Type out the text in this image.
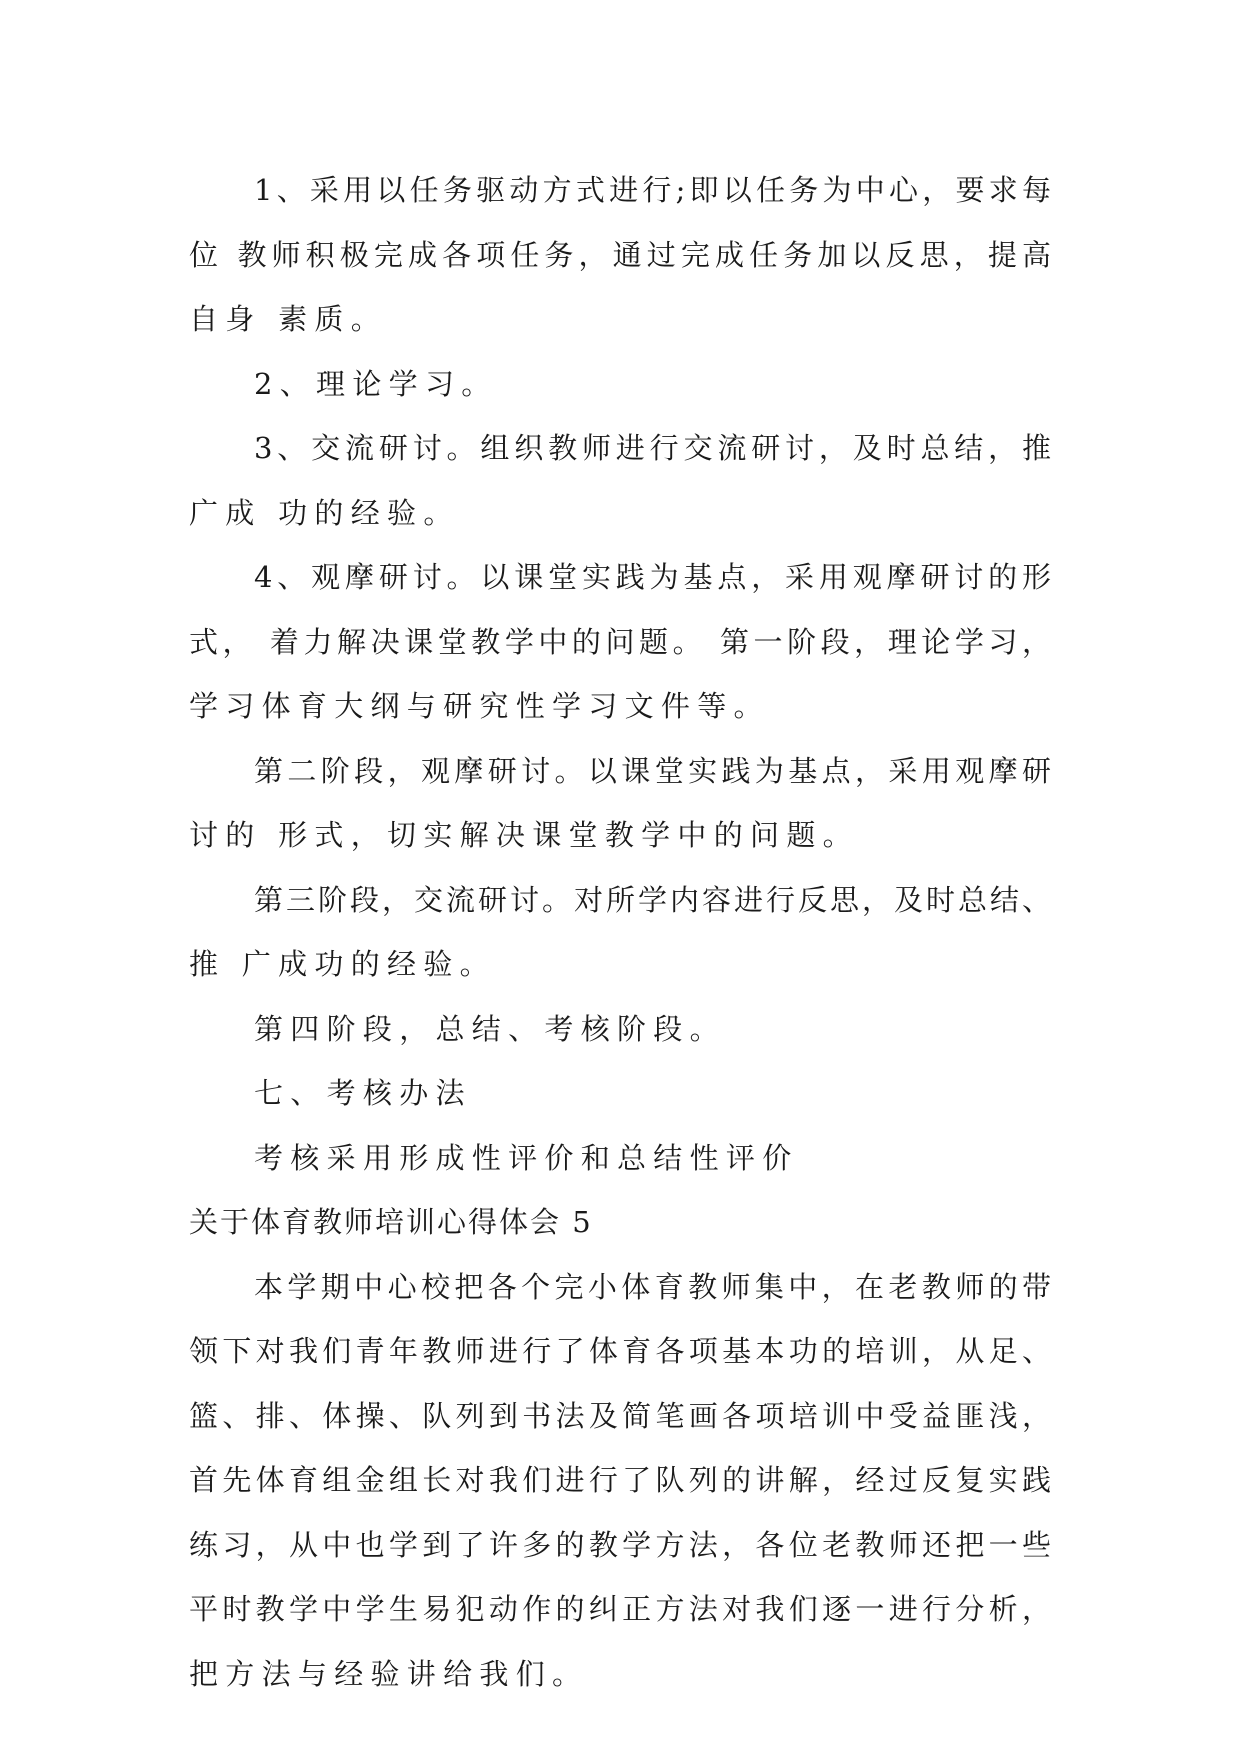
1、采用以任务驱动方式进行;即以任务为中心，要求每
位 教师积极完成各项任务，通过完成任务加以反思，提高
自身 素质。
2、理论学习。
3、交流研讨。组织教师进行交流研讨，及时总结，推
广成 功的经验。
4、观摩研讨。以课堂实践为基点，采用观摩研讨的形
式， 着力解决课堂教学中的问题。 第一阶段，理论学习，
学习体育大纲与研究性学习文件等。
第二阶段，观摩研讨。以课堂实践为基点，采用观摩研
讨的 形式，切实解决课堂教学中的问题。
第三阶段，交流研讨。对所学内容进行反思，及时总结、
推 广成功的经验。
第四阶段，总结、考核阶段。
七、考核办法
考核采用形成性评价和总结性评价
关于体育教师培训心得体会 5
本学期中心校把各个完小体育教师集中，在老教师的带
领下对我们青年教师进行了体育各项基本功的培训，从足、
篮、排、体操、队列到书法及简笔画各项培训中受益匪浅，
首先体育组金组长对我们进行了队列的讲解，经过反复实践
练习，从中也学到了许多的教学方法，各位老教师还把一些
平时教学中学生易犯动作的纠正方法对我们逐一进行分析，
把方法与经验讲给我们。
